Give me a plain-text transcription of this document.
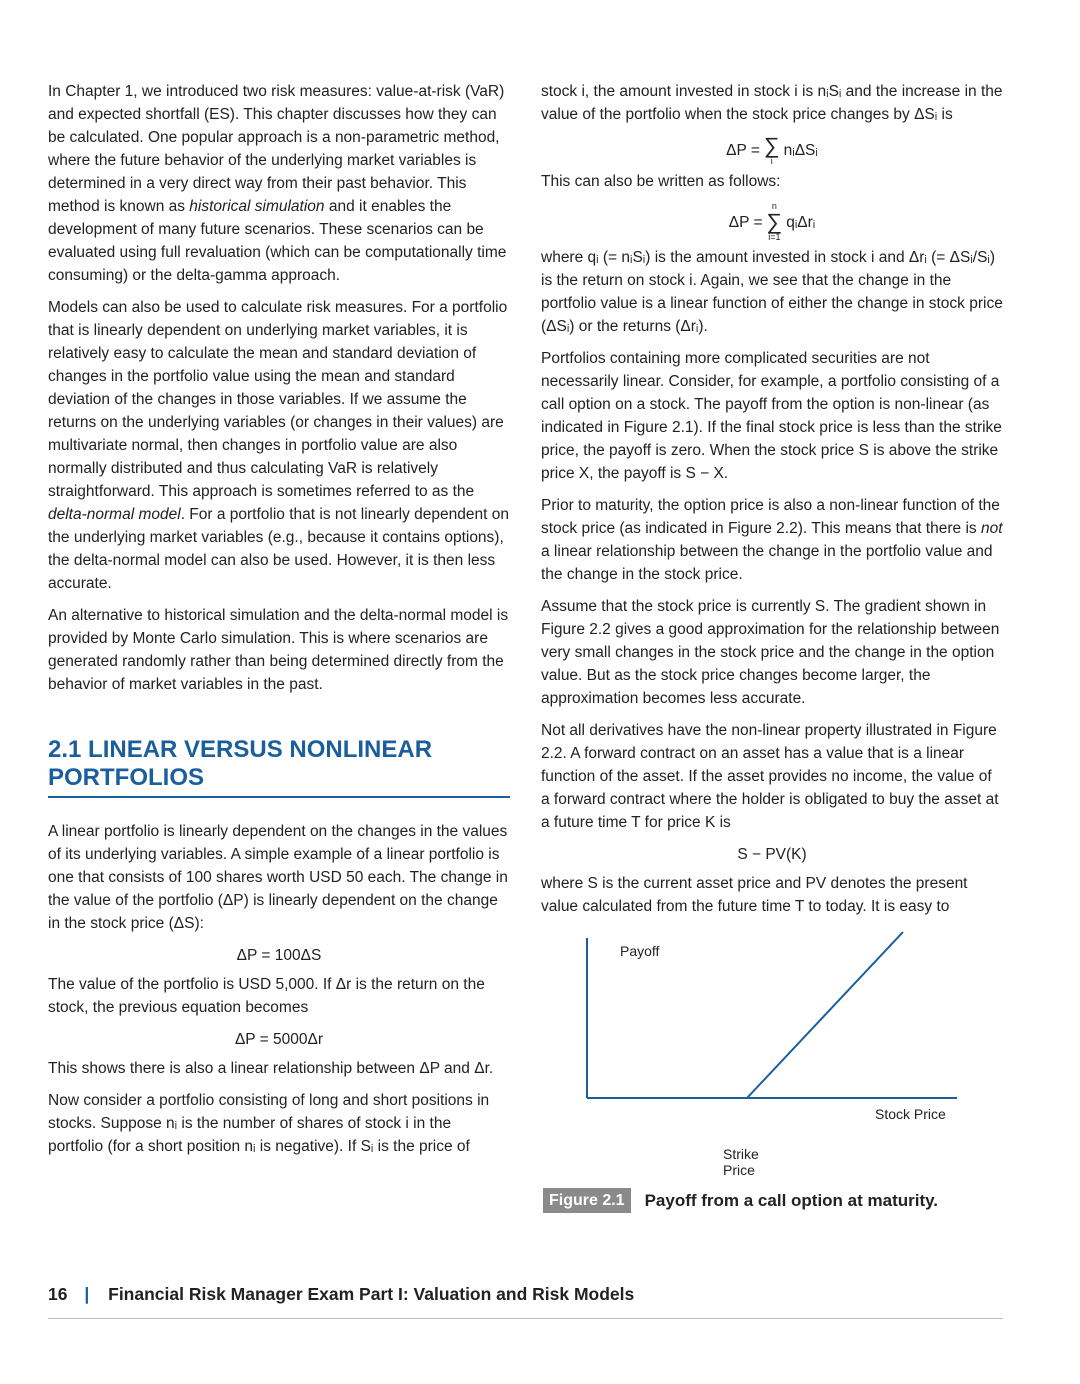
In Chapter 1, we introduced two risk measures: value-at-risk (VaR) and expected shortfall (ES). This chapter discusses how they can be calculated. One popular approach is a non-parametric method, where the future behavior of the underlying market variables is determined in a very direct way from their past behavior. This method is known as historical simulation and it enables the development of many future scenarios. These scenarios can be evaluated using full revaluation (which can be computationally time consuming) or the delta-gamma approach.

Models can also be used to calculate risk measures. For a portfolio that is linearly dependent on underlying market variables, it is relatively easy to calculate the mean and standard deviation of changes in the portfolio value using the mean and standard deviation of the changes in those variables. If we assume the returns on the underlying variables (or changes in their values) are multivariate normal, then changes in portfolio value are also normally distributed and thus calculating VaR is relatively straightforward. This approach is sometimes referred to as the delta-normal model. For a portfolio that is not linearly dependent on the underlying market variables (e.g., because it contains options), the delta-normal model can also be used. However, it is then less accurate.

An alternative to historical simulation and the delta-normal model is provided by Monte Carlo simulation. This is where scenarios are generated randomly rather than being determined directly from the behavior of market variables in the past.

2.1 LINEAR VERSUS NONLINEAR
PORTFOLIOS

A linear portfolio is linearly dependent on the changes in the values of its underlying variables. A simple example of a linear portfolio is one that consists of 100 shares worth USD 50 each. The change in the value of the portfolio (ΔP) is linearly dependent on the change in the stock price (ΔS):

ΔP = 100ΔS

The value of the portfolio is USD 5,000. If Δr is the return on the stock, the previous equation becomes

ΔP = 5000Δr

This shows there is also a linear relationship between ΔP and Δr.

Now consider a portfolio consisting of long and short positions in stocks. Suppose nᵢ is the number of shares of stock i in the portfolio (for a short position nᵢ is negative). If Sᵢ is the price of

stock i, the amount invested in stock i is nᵢSᵢ and the increase in the value of the portfolio when the stock price changes by ΔSᵢ is

ΔP = ∑
i
nᵢΔSᵢ

This can also be written as follows:

ΔP =
n
∑
i=1
qᵢΔrᵢ

where qᵢ (= nᵢSᵢ) is the amount invested in stock i and Δrᵢ (= ΔSᵢ/Sᵢ) is the return on stock i. Again, we see that the change in the portfolio value is a linear function of either the change in stock price (ΔSᵢ) or the returns (Δrᵢ).

Portfolios containing more complicated securities are not necessarily linear. Consider, for example, a portfolio consisting of a call option on a stock. The payoff from the option is non-linear (as indicated in Figure 2.1). If the final stock price is less than the strike price, the payoff is zero. When the stock price S is above the strike price X, the payoff is S − X.

Prior to maturity, the option price is also a non-linear function of the stock price (as indicated in Figure 2.2). This means that there is not a linear relationship between the change in the portfolio value and the change in the stock price.

Assume that the stock price is currently S. The gradient shown in Figure 2.2 gives a good approximation for the relationship between very small changes in the stock price and the change in the option value. But as the stock price changes become larger, the approximation becomes less accurate.

Not all derivatives have the non-linear property illustrated in Figure 2.2. A forward contract on an asset has a value that is a linear function of the asset. If the asset provides no income, the value of a forward contract where the holder is obligated to buy the asset at a future time T for price K is

S − PV(K)

where S is the current asset price and PV denotes the present value calculated from the future time T to today. It is easy to

Payoff
Stock Price
Strike
Price
Figure 2.1	Payoff from a call option at maturity.
16 | Financial Risk Manager Exam Part I: Valuation and Risk Models
